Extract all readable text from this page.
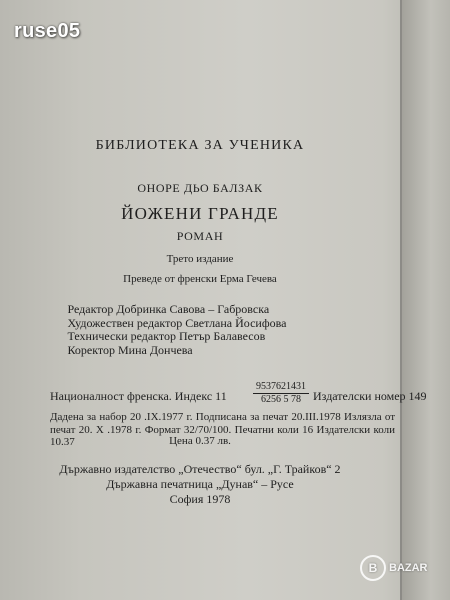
ruse05
БИБЛИОТЕКА ЗА УЧЕНИКА
ОНОРЕ ДЬО БАЛЗАК
ЙОЖЕНИ ГРАНДЕ
РОМАН
Трето издание
Преведе от френски Ерма Гечева
Редактор Добринка Савова – Габровска
Художествен редактор Светлана Йосифова
Технически редактор Петър Балавесов
Коректор Мина Дончева
Националност френска. Индекс 11	$\frac{9537621431}{6256 5 78}$ Издателски номер 149
Дадена за набор 20 .IX.1977 г. Подписана за печат 20.III.1978 Излязла от печат 20. X .1978 г. Формат 32/70/100. Печатни коли 16 Издателски коли 10.37	Цена 0.37 лв.
Държавно издателство „Отечество“ бул. „Г. Трайков“ 2
Държавна печатница „Дунав“ – Русе
София 1978
B BAZAR
